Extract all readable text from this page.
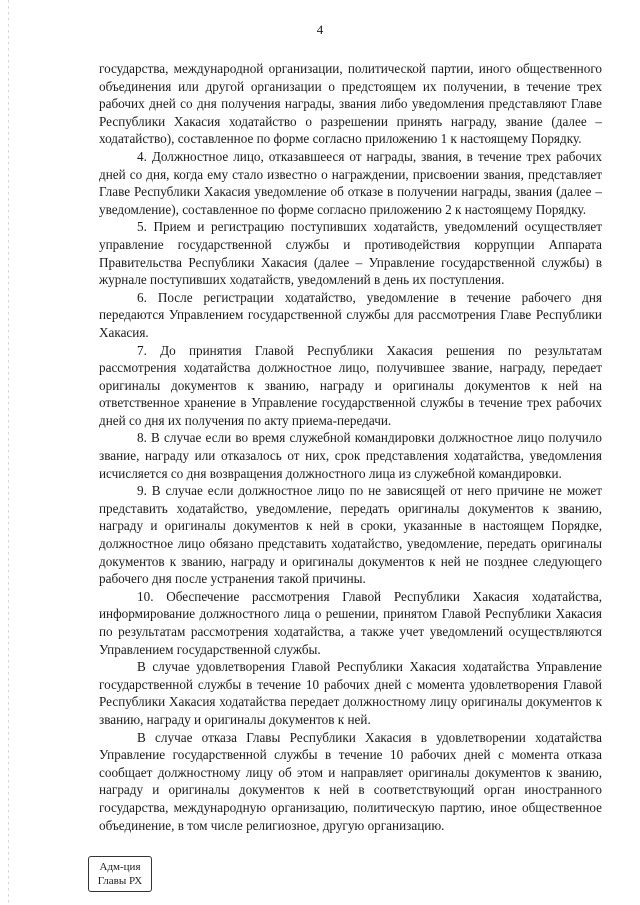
4

государства, международной организации, политической партии, иного общественного объединения или другой организации о предстоящем их получении, в течение трех рабочих дней со дня получения награды, звания либо уведомления представляют Главе Республики Хакасия ходатайство о разрешении принять награду, звание (далее – ходатайство), составленное по форме согласно приложению 1 к настоящему Порядку.

4. Должностное лицо, отказавшееся от награды, звания, в течение трех рабочих дней со дня, когда ему стало известно о награждении, присвоении звания, представляет Главе Республики Хакасия уведомление об отказе в получении награды, звания (далее – уведомление), составленное по форме согласно приложению 2 к настоящему Порядку.

5. Прием и регистрацию поступивших ходатайств, уведомлений осуществляет управление государственной службы и противодействия коррупции Аппарата Правительства Республики Хакасия (далее – Управление государственной службы) в журнале поступивших ходатайств, уведомлений в день их поступления.

6. После регистрации ходатайство, уведомление в течение рабочего дня передаются Управлением государственной службы для рассмотрения Главе Республики Хакасия.

7. До принятия Главой Республики Хакасия решения по результатам рассмотрения ходатайства должностное лицо, получившее звание, награду, передает оригиналы документов к званию, награду и оригиналы документов к ней на ответственное хранение в Управление государственной службы в течение трех рабочих дней со дня их получения по акту приема-передачи.

8. В случае если во время служебной командировки должностное лицо получило звание, награду или отказалось от них, срок представления ходатайства, уведомления исчисляется со дня возвращения должностного лица из служебной командировки.

9. В случае если должностное лицо по не зависящей от него причине не может представить ходатайство, уведомление, передать оригиналы документов к званию, награду и оригиналы документов к ней в сроки, указанные в настоящем Порядке, должностное лицо обязано представить ходатайство, уведомление, передать оригиналы документов к званию, награду и оригиналы документов к ней не позднее следующего рабочего дня после устранения такой причины.

10. Обеспечение рассмотрения Главой Республики Хакасия ходатайства, информирование должностного лица о решении, принятом Главой Республики Хакасия по результатам рассмотрения ходатайства, а также учет уведомлений осуществляются Управлением государственной службы.

В случае удовлетворения Главой Республики Хакасия ходатайства Управление государственной службы в течение 10 рабочих дней с момента удовлетворения Главой Республики Хакасия ходатайства передает должностному лицу оригиналы документов к званию, награду и оригиналы документов к ней.

В случае отказа Главы Республики Хакасия в удовлетворении ходатайства Управление государственной службы в течение 10 рабочих дней с момента отказа сообщает должностному лицу об этом и направляет оригиналы документов к званию, награду и оригиналы документов к ней в соответствующий орган иностранного государства, международную организацию, политическую партию, иное общественное объединение, в том числе религиозное, другую организацию.

Адм-ция
Главы РХ
